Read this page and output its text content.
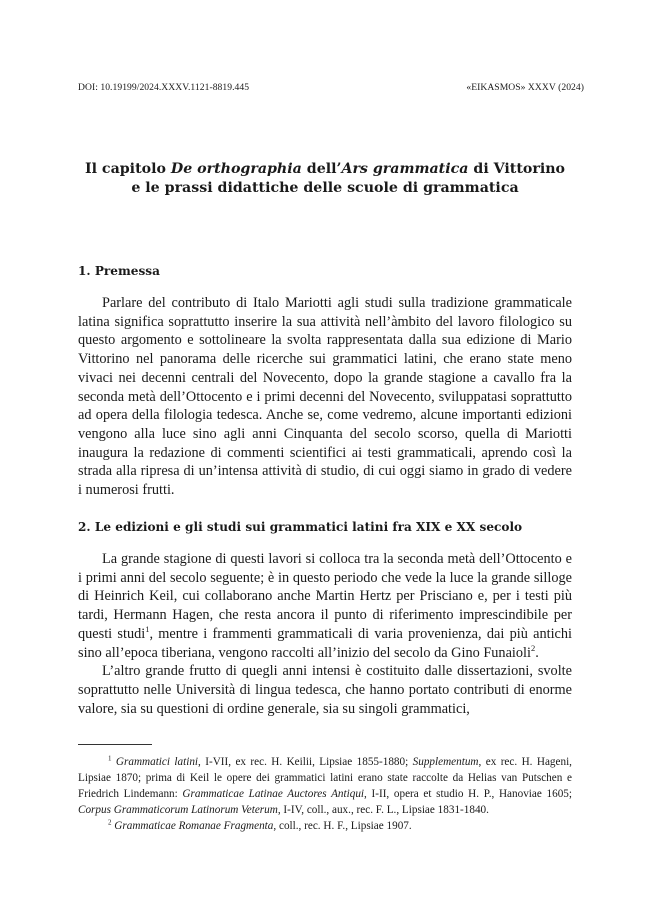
DOI: 10.19199/2024.XXXV.1121-8819.445	«EIKASMOS» XXXV (2024)
Il capitolo De orthographia dell’Ars grammatica di Vittorino
e le prassi didattiche delle scuole di grammatica
1. Premessa

Parlare del contributo di Italo Mariotti agli studi sulla tradizione grammaticale latina significa soprattutto inserire la sua attività nell’àmbito del lavoro filologico su questo argomento e sottolineare la svolta rappresentata dalla sua edizione di Mario Vittorino nel panorama delle ricerche sui grammatici latini, che erano state meno vivaci nei decenni centrali del Novecento, dopo la grande stagione a cavallo fra la seconda metà dell’Ottocento e i primi decenni del Novecento, sviluppatasi soprattutto ad opera della filologia tedesca. Anche se, come vedremo, alcune importanti edizioni vengono alla luce sino agli anni Cinquanta del secolo scorso, quella di Mariotti inaugura la redazione di commenti scientifici ai testi grammaticali, aprendo così la strada alla ripresa di un’intensa attività di studio, di cui oggi siamo in grado di vedere i numerosi frutti.

2. Le edizioni e gli studi sui grammatici latini fra XIX e XX secolo

La grande stagione di questi lavori si colloca tra la seconda metà dell’Ottocento e i primi anni del secolo seguente; è in questo periodo che vede la luce la grande silloge di Heinrich Keil, cui collaborano anche Martin Hertz per Prisciano e, per i testi più tardi, Hermann Hagen, che resta ancora il punto di riferimento imprescindibile per questi studi$^1$, mentre i frammenti grammaticali di varia provenienza, dai più antichi sino all’epoca tiberiana, vengono raccolti all’inizio del secolo da Gino Funaioli$^2$.

L’altro grande frutto di quegli anni intensi è costituito dalle dissertazioni, svolte soprattutto nelle Università di lingua tedesca, che hanno portato contributi di enorme valore, sia su questioni di ordine generale, sia su singoli grammatici,

$^1$ Grammatici latini, I-VII, ex rec. H. Keilii, Lipsiae 1855-1880; Supplementum, ex rec. H. Hageni, Lipsiae 1870; prima di Keil le opere dei grammatici latini erano state raccolte da Helias van Putschen e Friedrich Lindemann: Grammaticae Latinae Auctores Antiqui, I-II, opera et studio H. P., Hanoviae 1605; Corpus Grammaticorum Latinorum Veterum, I-IV, coll., aux., rec. F. L., Lipsiae 1831-1840.

$^2$ Grammaticae Romanae Fragmenta, coll., rec. H. F., Lipsiae 1907.
